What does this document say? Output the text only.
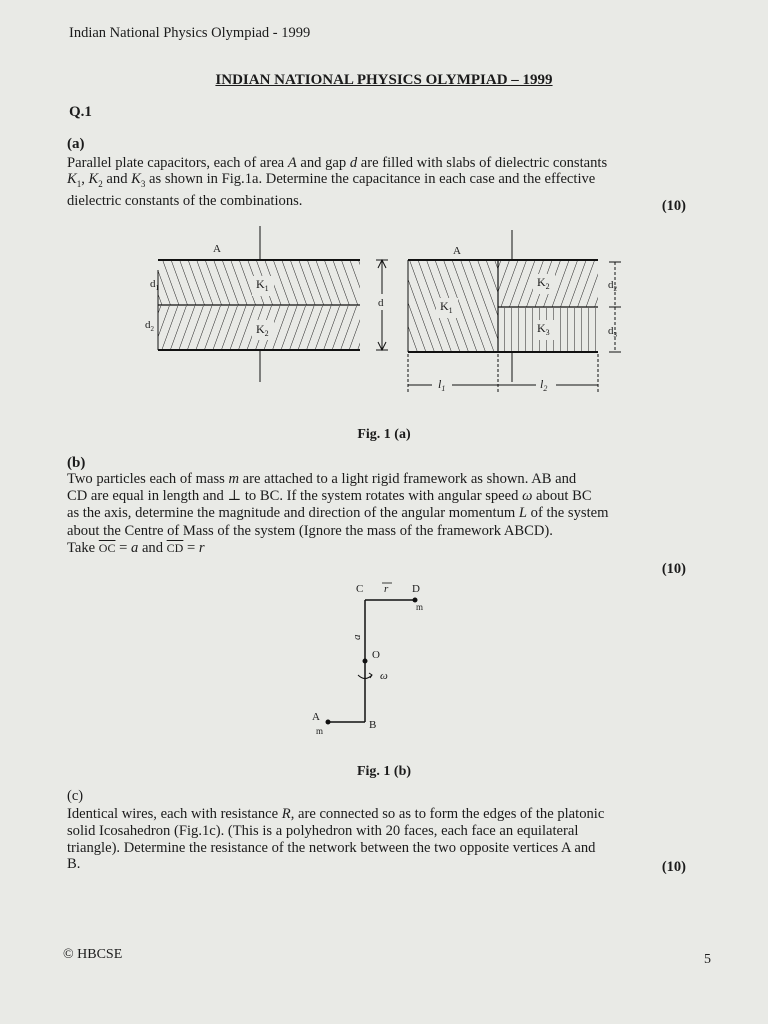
Indian National Physics Olympiad - 1999
INDIAN NATIONAL PHYSICS OLYMPIAD – 1999
Q.1
(a)
Parallel plate capacitors, each of area A and gap d are filled with slabs of dielectric constants
$K_1$, $K_2$ and $K_3$ as shown in Fig.1a. Determine the capacitance in each case and the effective
dielectric constants of the combinations.	(10)
A
$K_1$
$K_2$
$d_1$
$d_2$
d
A
$K_1$
$K_2$
$K_3$
$d_2$
$d_3$
$l_1$	$l_2$
Fig. 1 (a)
(b)
Two particles each of mass m are attached to a light rigid framework as shown. AB and
CD are equal in length and ⊥ to BC. If the system rotates with angular speed ω about BC
as the axis, determine the magnitude and direction of the angular momentum L of the system
about the Centre of Mass of the system (Ignore the mass of the framework ABCD).
Take $\overline{OC} = a$ and $\overline{CD} = r$
(10)
C	D
m
r
a
O
ω
A
m	B
Fig. 1 (b)
(c)
Identical wires, each with resistance R, are connected so as to form the edges of the platonic
solid Icosahedron (Fig.1c). (This is a polyhedron with 20 faces, each face an equilateral
triangle). Determine the resistance of the network between the two opposite vertices A and
B.	(10)
© HBCSE	5
